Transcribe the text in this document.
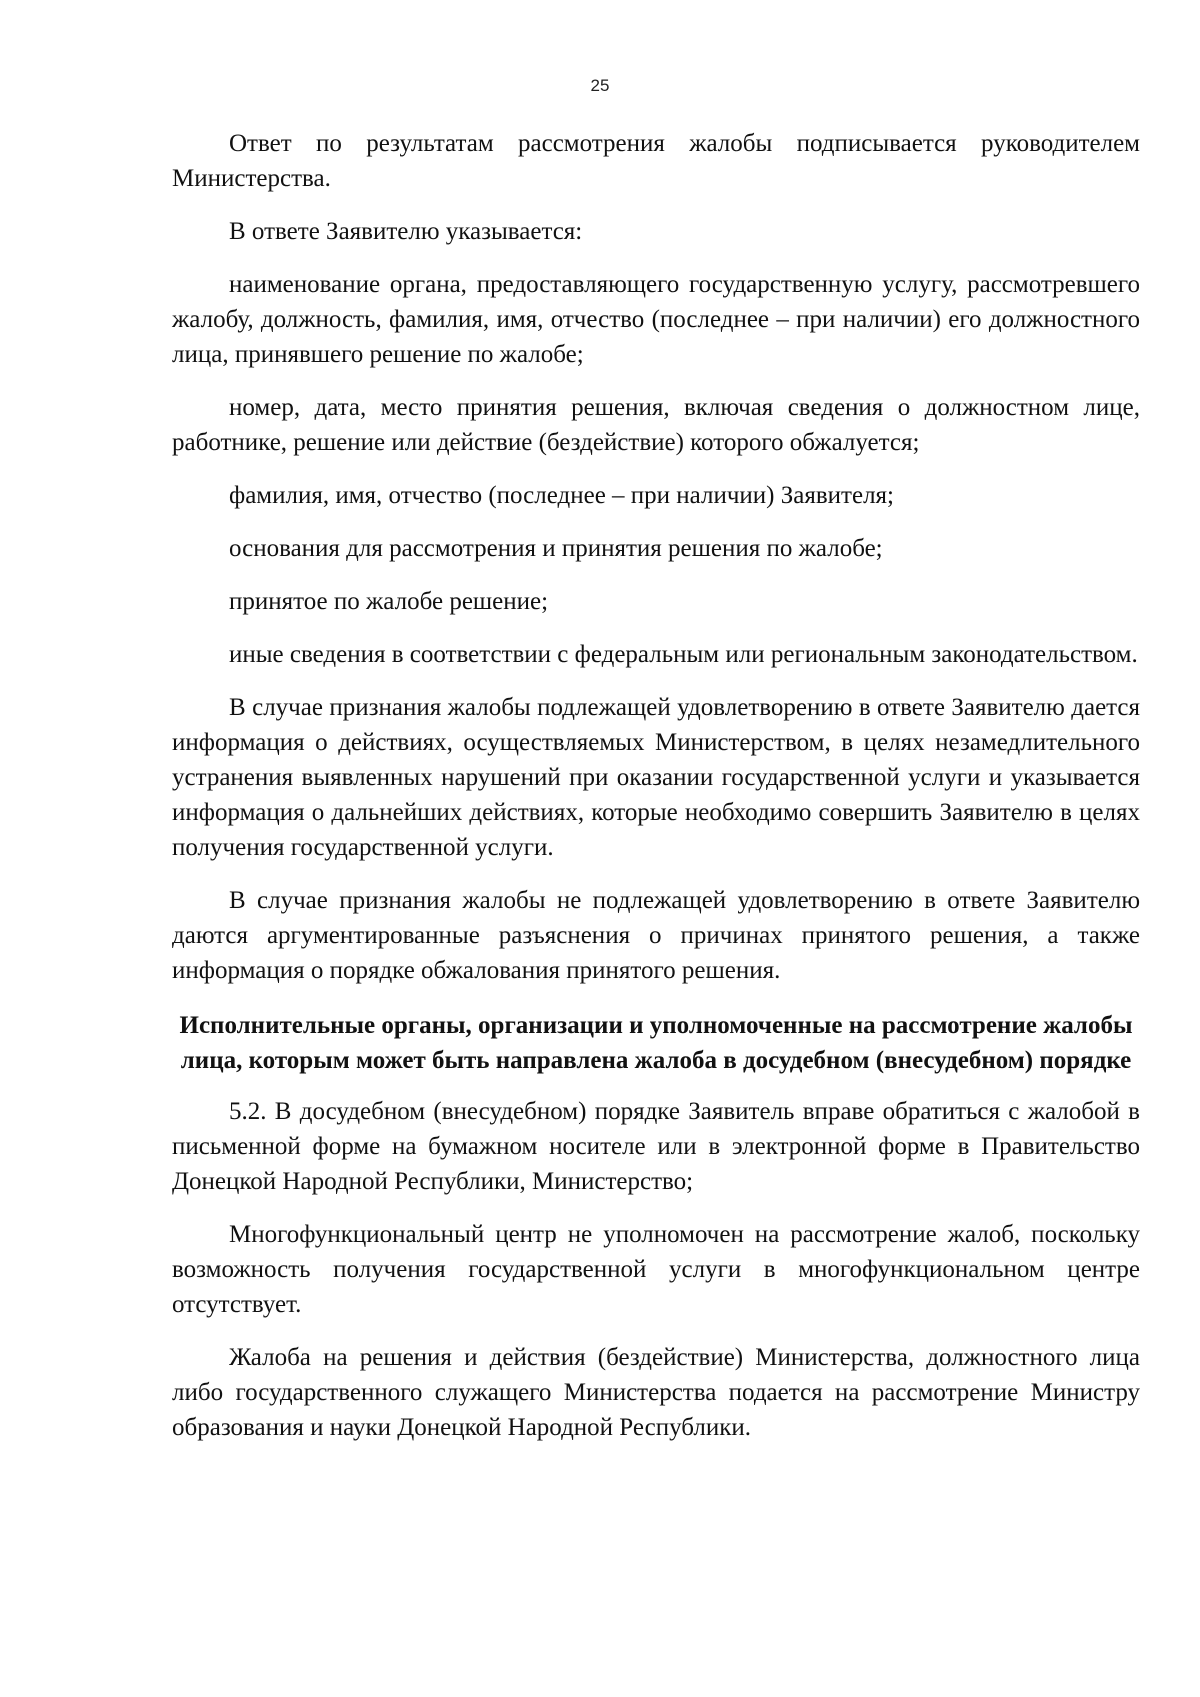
25

Ответ по результатам рассмотрения жалобы подписывается руководителем Министерства.

В ответе Заявителю указывается:

наименование органа, предоставляющего государственную услугу, рассмотревшего жалобу, должность, фамилия, имя, отчество (последнее – при наличии) его должностного лица, принявшего решение по жалобе;

номер, дата, место принятия решения, включая сведения о должностном лице, работнике, решение или действие (бездействие) которого обжалуется;

фамилия, имя, отчество (последнее – при наличии) Заявителя;

основания для рассмотрения и принятия решения по жалобе;

принятое по жалобе решение;

иные сведения в соответствии с федеральным или региональным законодательством.

В случае признания жалобы подлежащей удовлетворению в ответе Заявителю дается информация о действиях, осуществляемых Министерством, в целях незамедлительного устранения выявленных нарушений при оказании государственной услуги и указывается информация о дальнейших действиях, которые необходимо совершить Заявителю в целях получения государственной услуги.

В случае признания жалобы не подлежащей удовлетворению в ответе Заявителю даются аргументированные разъяснения о причинах принятого решения, а также информация о порядке обжалования принятого решения.

Исполнительные органы, организации и уполномоченные на рассмотрение жалобы лица, которым может быть направлена жалоба в досудебном (внесудебном) порядке

5.2. В досудебном (внесудебном) порядке Заявитель вправе обратиться с жалобой в письменной форме на бумажном носителе или в электронной форме в Правительство Донецкой Народной Республики, Министерство;

Многофункциональный центр не уполномочен на рассмотрение жалоб, поскольку возможность получения государственной услуги в многофункциональном центре отсутствует.

Жалоба на решения и действия (бездействие) Министерства, должностного лица либо государственного служащего Министерства подается на рассмотрение Министру образования и науки Донецкой Народной Республики.
